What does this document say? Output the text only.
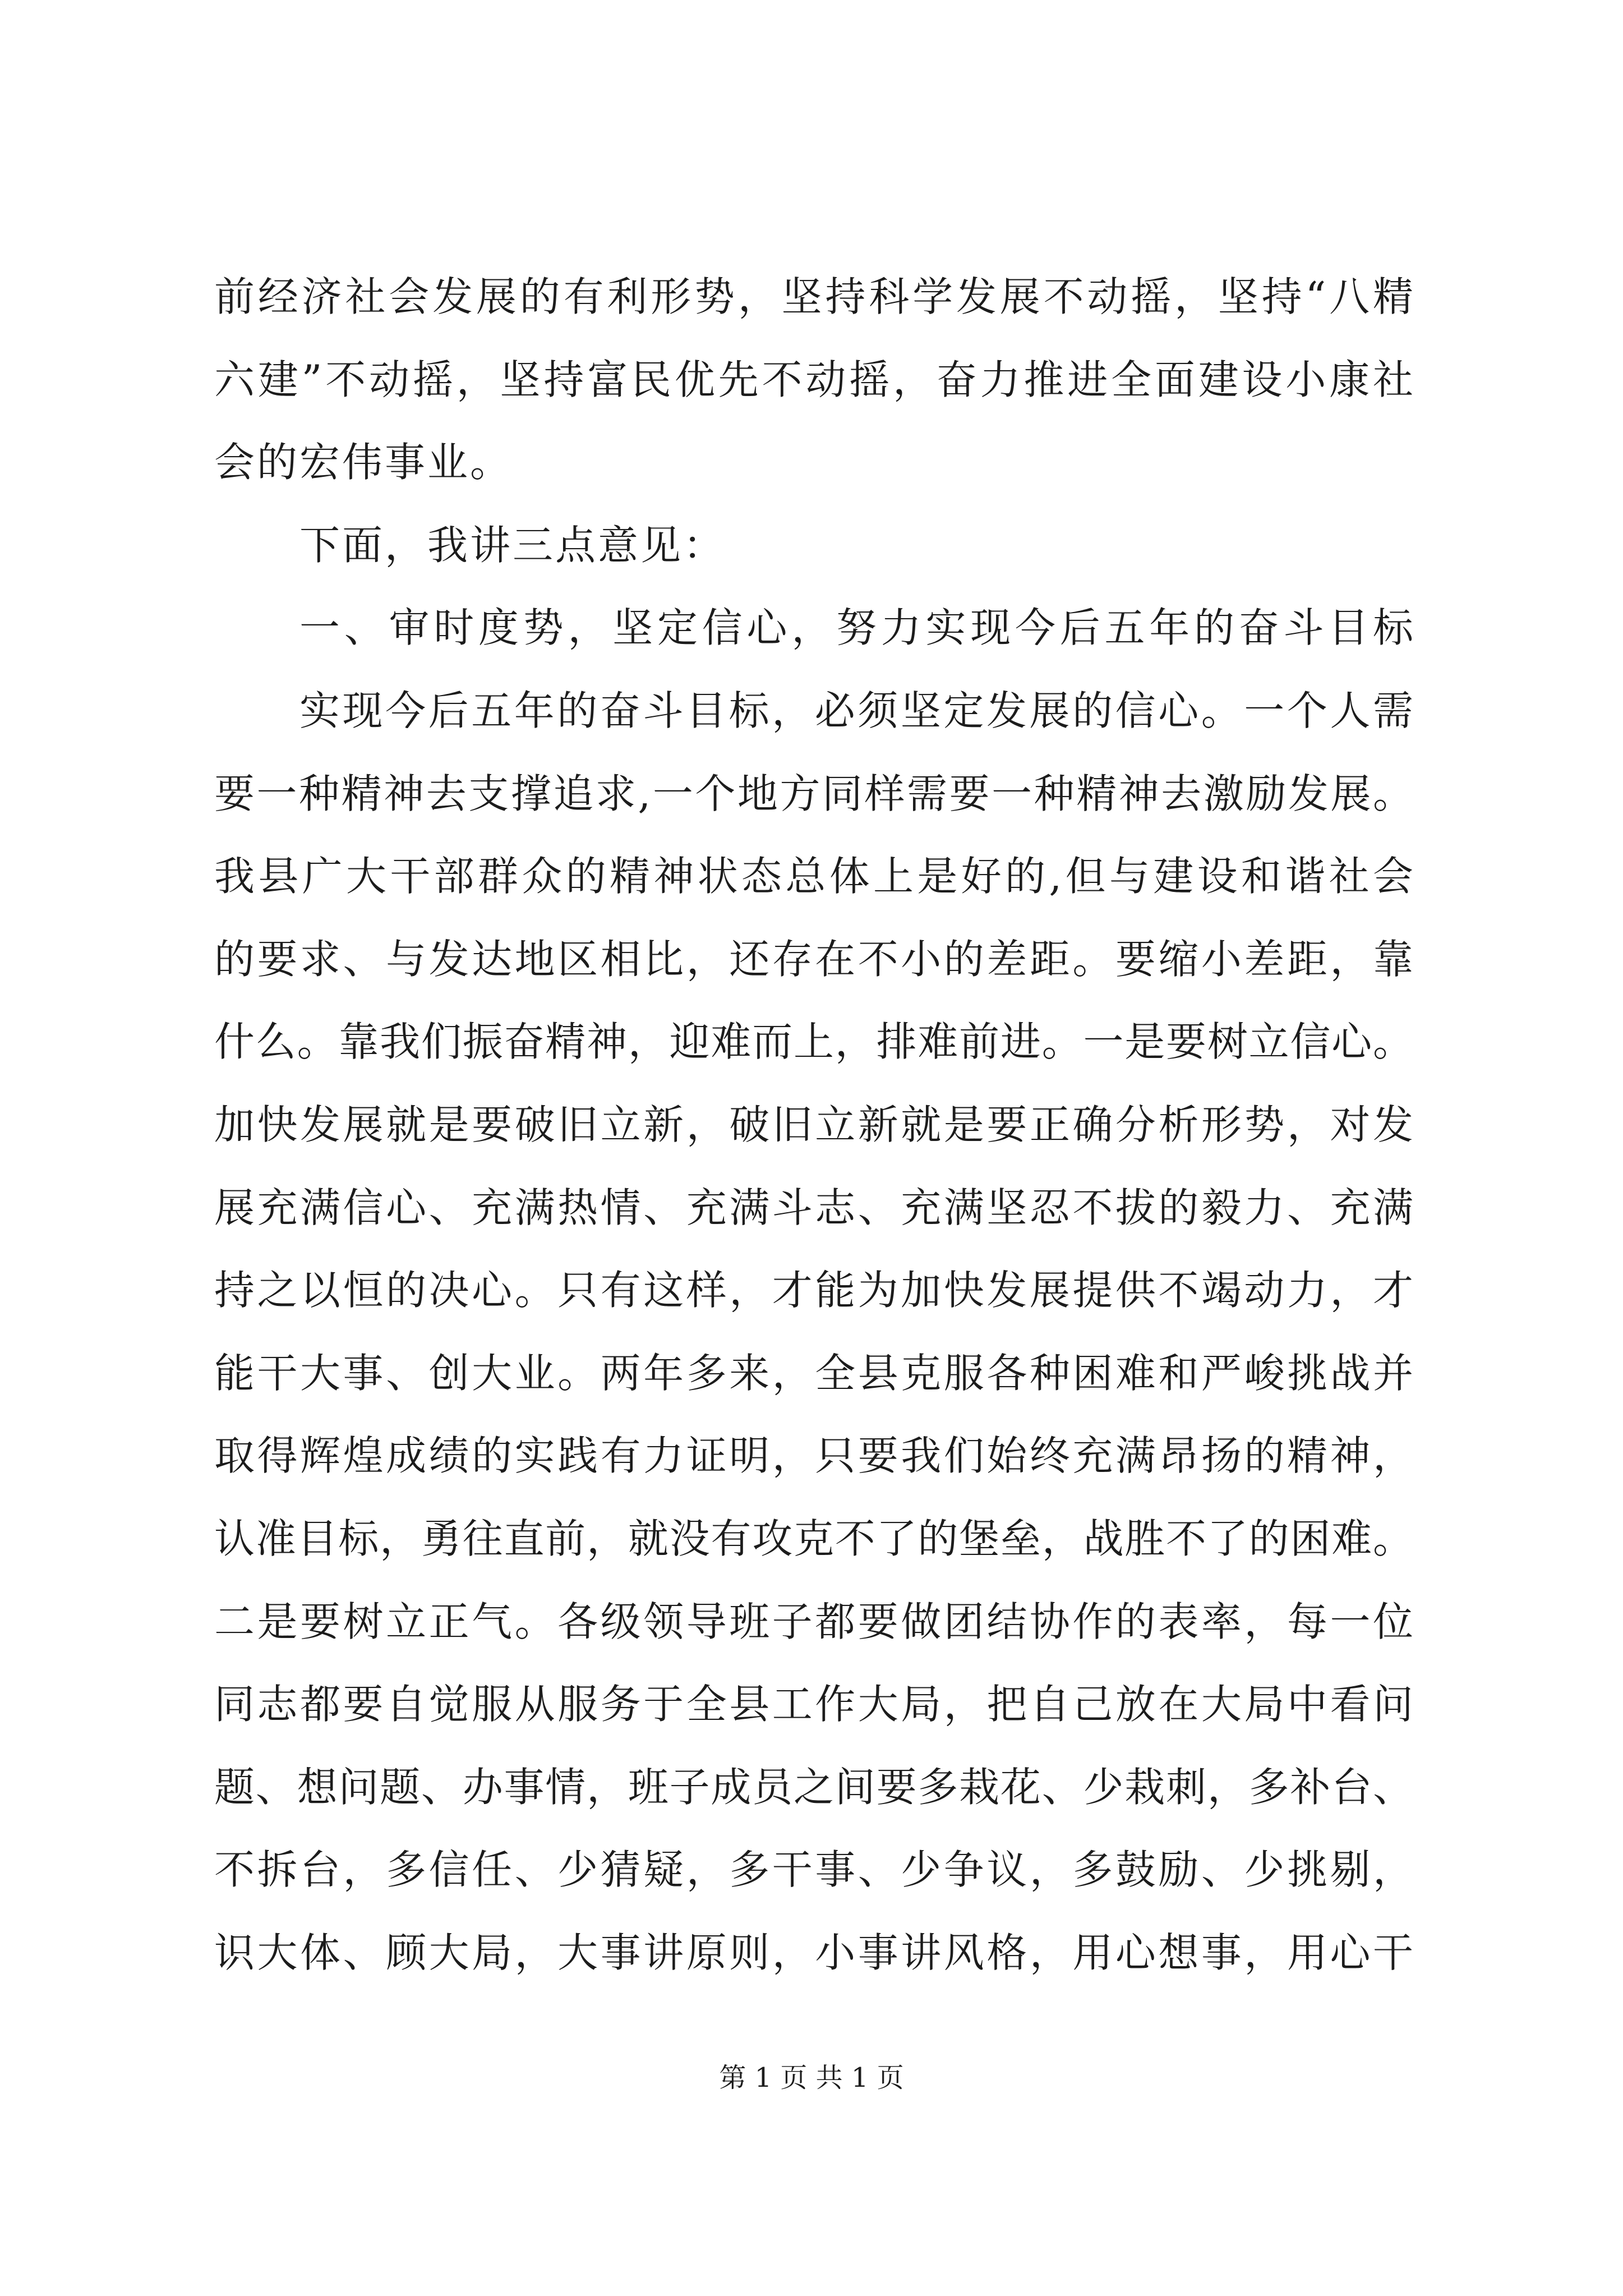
前经济社会发展的有利形势，坚持科学发展不动摇，坚持“八精
六建”不动摇，坚持富民优先不动摇，奋力推进全面建设小康社
会的宏伟事业。
下面，我讲三点意见：
一、审时度势，坚定信心，努力实现今后五年的奋斗目标
实现今后五年的奋斗目标，必须坚定发展的信心。一个人需
要一种精神去支撑追求,一个地方同样需要一种精神去激励发展。
我县广大干部群众的精神状态总体上是好的,但与建设和谐社会
的要求、与发达地区相比，还存在不小的差距。要缩小差距，靠
什么。靠我们振奋精神，迎难而上，排难前进。一是要树立信心。
加快发展就是要破旧立新，破旧立新就是要正确分析形势，对发
展充满信心、充满热情、充满斗志、充满坚忍不拔的毅力、充满
持之以恒的决心。只有这样，才能为加快发展提供不竭动力，才
能干大事、创大业。两年多来，全县克服各种困难和严峻挑战并
取得辉煌成绩的实践有力证明，只要我们始终充满昂扬的精神，
认准目标，勇往直前，就没有攻克不了的堡垒，战胜不了的困难。
二是要树立正气。各级领导班子都要做团结协作的表率，每一位
同志都要自觉服从服务于全县工作大局，把自己放在大局中看问
题、想问题、办事情，班子成员之间要多栽花、少栽刺，多补台、
不拆台，多信任、少猜疑，多干事、少争议，多鼓励、少挑剔，
识大体、顾大局，大事讲原则，小事讲风格，用心想事，用心干
第 1 页 共 1 页
